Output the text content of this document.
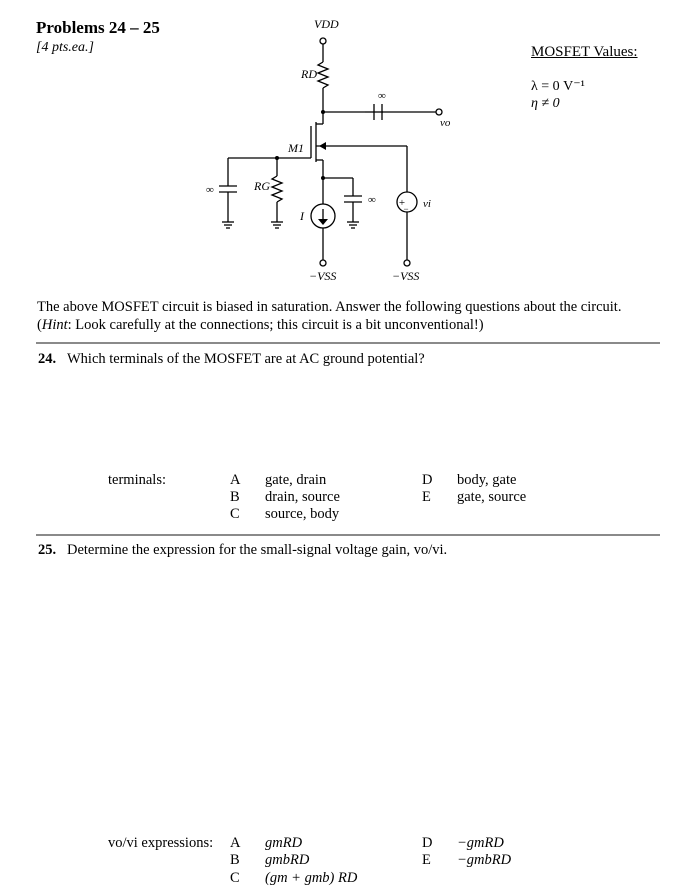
Problems 24 – 25
[4 pts.ea.]	MOSFET Values:
λ = 0 V⁻¹
η ≠ 0
+
−
VDD
RD
M1
RG
I
∞
∞
∞
vo
vi
−VSS	−VSS
The above MOSFET circuit is biased in saturation. Answer the following questions about the circuit.
(Hint: Look carefully at the connections; this circuit is a bit unconventional!)
24. Which terminals of the MOSFET are at AC ground potential?
terminals:	A gate, drain
B drain, source
C source, body
D body, gate
E gate, source
25. Determine the expression for the small-signal voltage gain, vo/vi.
vo/vi expressions: A gmRD
B gmbRD
C (gm + gmb) RD
D −gmRD
E −gmbRD
